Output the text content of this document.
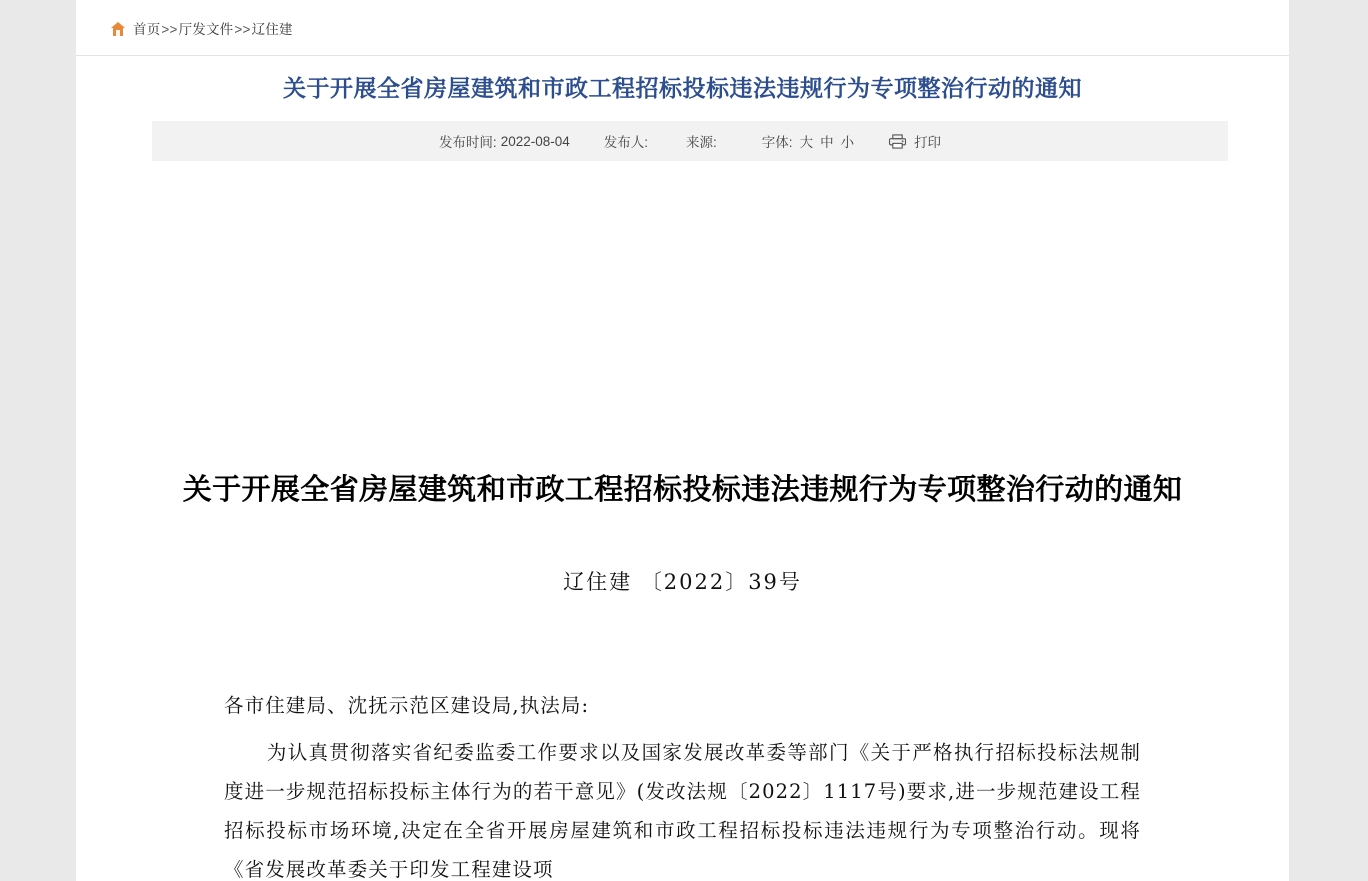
首页>>厅发文件>>辽住建
关于开展全省房屋建筑和市政工程招标投标违法违规行为专项整治行动的通知
发布时间: 2022-08-04	发布人:	来源:	字体: 大 中 小	打印
关于开展全省房屋建筑和市政工程招标投标违法违规行为专项整治行动的通知
辽住建 〔2022〕39号

各市住建局、沈抚示范区建设局,执法局:

为认真贯彻落实省纪委监委工作要求以及国家发展改革委等部门《关于严格执行招标投标法规制度进一步规范招标投标主体行为的若干意见》(发改法规〔2022〕1117号)要求,进一步规范建设工程招标投标市场环境,决定在全省开展房屋建筑和市政工程招标投标违法违规行为专项整治行动。现将《省发展改革委关于印发工程建设项
